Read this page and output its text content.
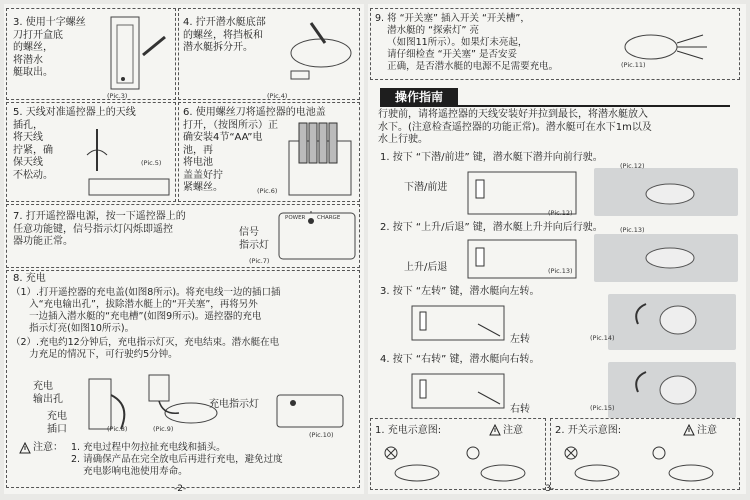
3. 使用十字螺丝
刀打开盒底
的螺丝，
将潜水
艇取出。
(Pic.3)
4. 拧开潜水艇底部
的螺丝，将挡板和
潜水艇拆分开。
(Pic.4)
5. 天线对准遥控器上的天线
插孔，
将天线
拧紧，确
保天线
不松动。
(Pic.5)
6. 使用螺丝刀将遥控器的电池盖
打开，（按图所示）正
确安装4节“AA”电
池，再
将电池
盖盖好拧
紧螺丝。	(Pic.6)
7. 打开遥控器电源，按一下遥控器上的
任意功能键，信号指示灯闪烁即遥控
器功能正常。
信号
指示灯
POWER CHARGE
(Pic.7)
8. 充电
（1）.打开遥控器的充电盖(如图8所示)。将充电线一边的插口插
入“充电输出孔”，拔除潜水艇上的“开关塞”，再将另外
一边插入潜水艇的“充电槽”(如图9所示)。遥控器的充电
指示灯亮(如图10所示)。
（2）.充电约12分钟后，充电指示灯灭，充电结束。潜水艇在电
力充足的情况下，可行驶约5分钟。
充电
输出孔
充电
插口	(Pic.8)	(Pic.9)
充电指示灯
(Pic.10)
注意： 1. 充电过程中勿拉扯充电线和插头。
2. 请确保产品在完全放电后再进行充电，避免过度
充电影响电池使用寿命。
-2-
9. 将 “开关塞” 插入开关 “开关槽”，
潜水艇的 “探索灯” 亮
（如图11所示）。如果灯未亮起，
请仔细检查 “开关塞” 是否安妥
正确，是否潜水艇的电源不足需要充电。	(Pic.11)
操作指南
行驶前，请将遥控器的天线安装好并拉到最长，将潜水艇放入
水下。(注意检查遥控器的功能正常)。潜水艇可在水下1m以及
水上行驶。
1. 按下 “下潜/前进” 键，潜水艇下潜并向前行驶。
下潜/前进
(Pic.12)
(Pic.12)
2. 按下 “上升/后退” 键，潜水艇上升并向后行驶。
上升/后退	(Pic.13)
(Pic.13)
3. 按下 “左转” 键，潜水艇向左转。
左转	(Pic.14)
4. 按下 “右转” 键，潜水艇向右转。
右转	(Pic.15)
1. 充电示意图:	注意	2. 开关示意图:	注意
-3-
